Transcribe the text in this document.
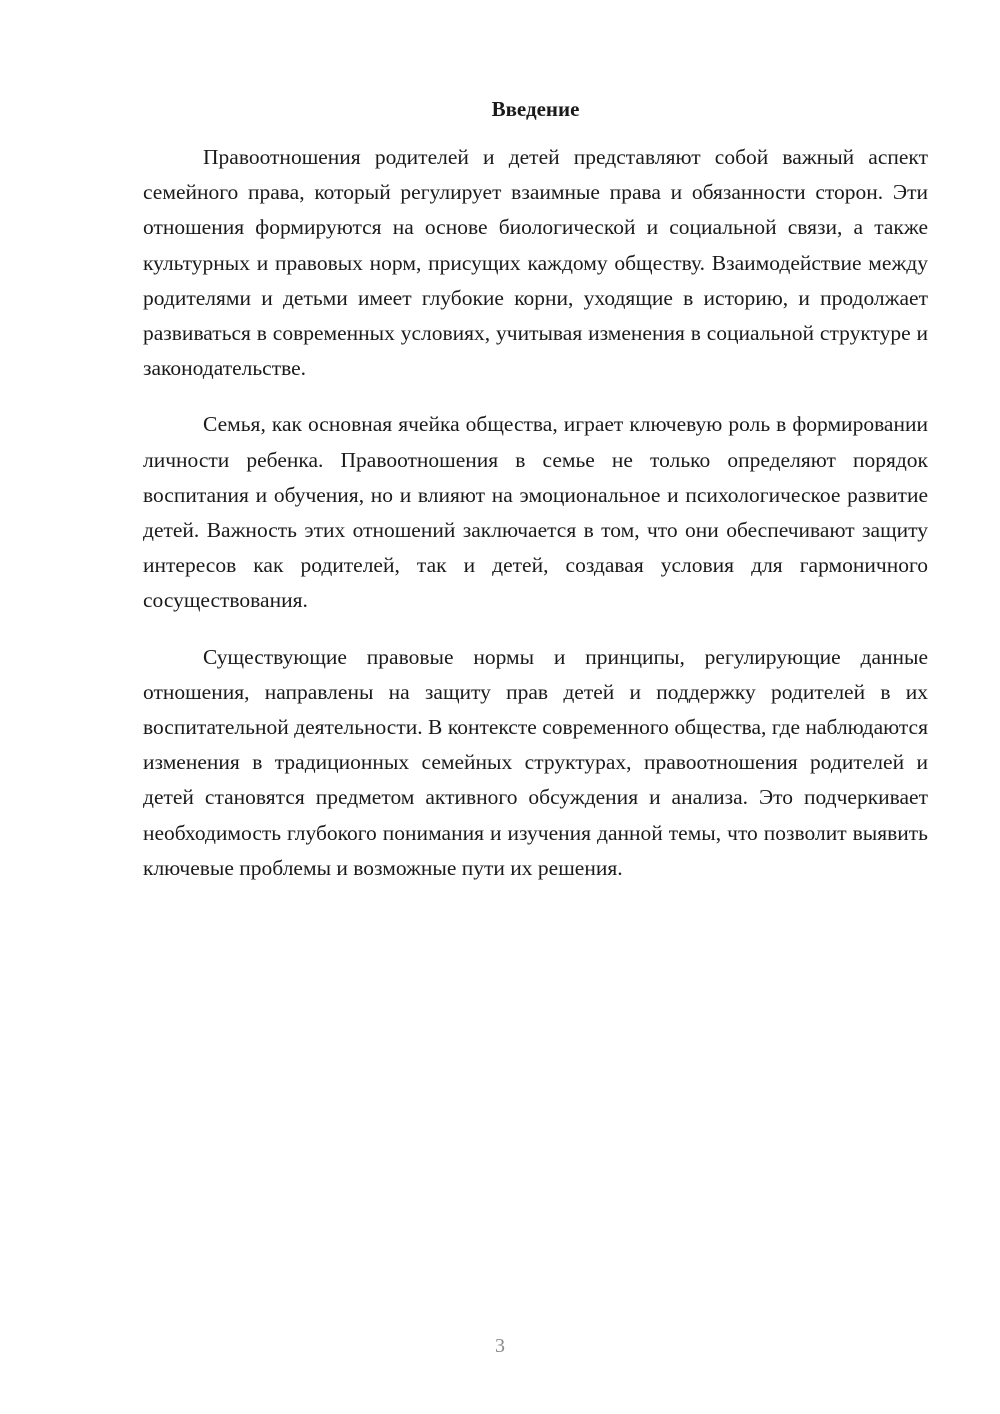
Введение

Правоотношения родителей и детей представляют собой важный аспект семейного права, который регулирует взаимные права и обязанности сторон. Эти отношения формируются на основе биологической и социальной связи, а также культурных и правовых норм, присущих каждому обществу. Взаимодействие между родителями и детьми имеет глубокие корни, уходящие в историю, и продолжает развиваться в современных условиях, учитывая изменения в социальной структуре и законодательстве.

Семья, как основная ячейка общества, играет ключевую роль в формировании личности ребенка. Правоотношения в семье не только определяют порядок воспитания и обучения, но и влияют на эмоциональное и психологическое развитие детей. Важность этих отношений заключается в том, что они обеспечивают защиту интересов как родителей, так и детей, создавая условия для гармоничного сосуществования.

Существующие правовые нормы и принципы, регулирующие данные отношения, направлены на защиту прав детей и поддержку родителей в их воспитательной деятельности. В контексте современного общества, где наблюдаются изменения в традиционных семейных структурах, правоотношения родителей и детей становятся предметом активного обсуждения и анализа. Это подчеркивает необходимость глубокого понимания и изучения данной темы, что позволит выявить ключевые проблемы и возможные пути их решения.

3
